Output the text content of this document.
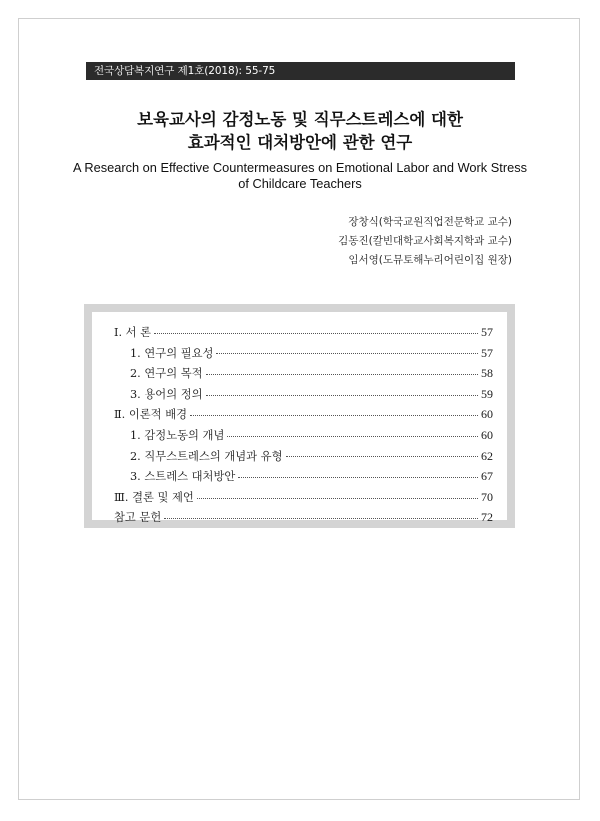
전국상담복지연구 제1호(2018): 55-75
보육교사의 감정노동 및 직무스트레스에 대한
효과적인 대처방안에 관한 연구
A Research on Effective Countermeasures on Emotional Labor and Work Stress
of Childcare Teachers
장창식(학국교원직업전문학교 교수)
김동진(칼빈대학교사회복지학과 교수)
임서영(도뮤토해누리어린이집 원장)
Ⅰ. 서 론	57
1. 연구의 필요성	57
2. 연구의 목적	58
3. 용어의 정의	59
Ⅱ. 이론적 배경	60
1. 감정노동의 개념	60
2. 직무스트레스의 개념과 유형	62
3. 스트레스 대처방안	67
Ⅲ. 결론 및 제언	70
참고 문헌	72
